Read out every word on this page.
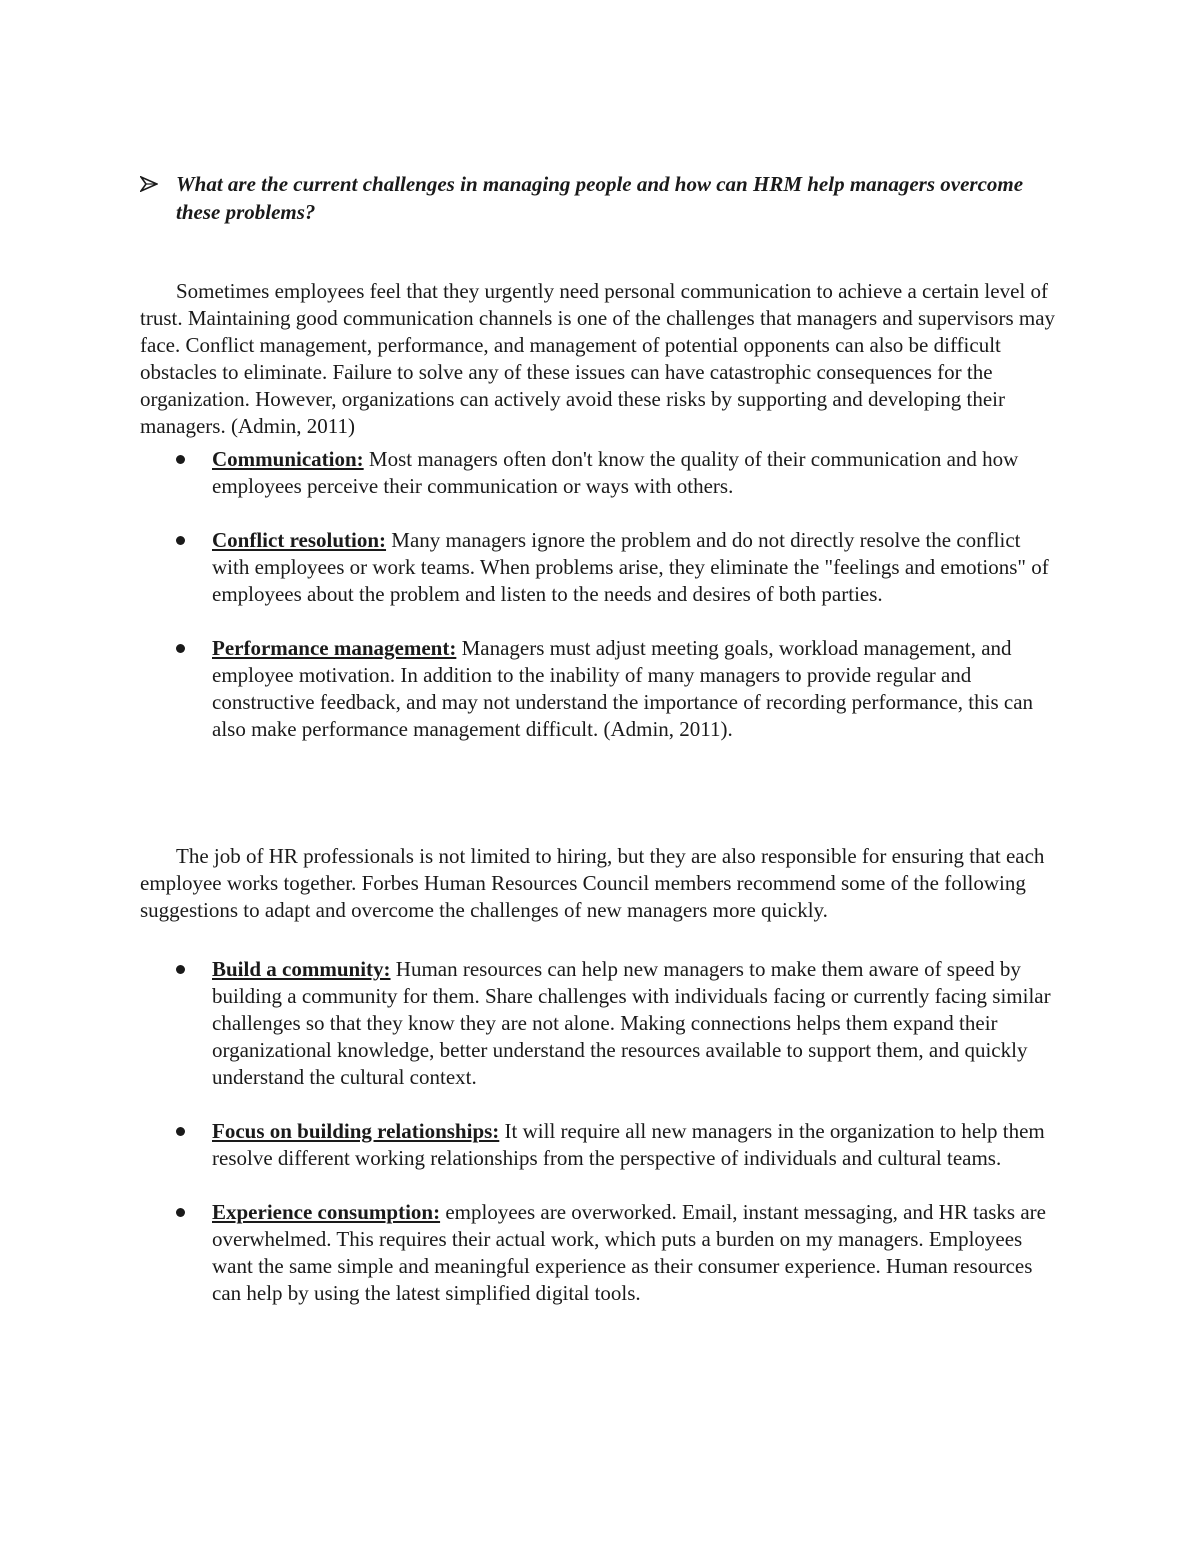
What are the current challenges in managing people and how can HRM help managers overcome these problems?

Sometimes employees feel that they urgently need personal communication to achieve a certain level of trust. Maintaining good communication channels is one of the challenges that managers and supervisors may face. Conflict management, performance, and management of potential opponents can also be difficult obstacles to eliminate. Failure to solve any of these issues can have catastrophic consequences for the organization. However, organizations can actively avoid these risks by supporting and developing their managers. (Admin, 2011)

Communication: Most managers often don't know the quality of their communication and how employees perceive their communication or ways with others.
Conflict resolution: Many managers ignore the problem and do not directly resolve the conflict with employees or work teams. When problems arise, they eliminate the "feelings and emotions" of employees about the problem and listen to the needs and desires of both parties.
Performance management: Managers must adjust meeting goals, workload management, and employee motivation. In addition to the inability of many managers to provide regular and constructive feedback, and may not understand the importance of recording performance, this can also make performance management difficult. (Admin, 2011).

The job of HR professionals is not limited to hiring, but they are also responsible for ensuring that each employee works together. Forbes Human Resources Council members recommend some of the following suggestions to adapt and overcome the challenges of new managers more quickly.

Build a community: Human resources can help new managers to make them aware of speed by building a community for them. Share challenges with individuals facing or currently facing similar challenges so that they know they are not alone. Making connections helps them expand their organizational knowledge, better understand the resources available to support them, and quickly understand the cultural context.
Focus on building relationships: It will require all new managers in the organization to help them resolve different working relationships from the perspective of individuals and cultural teams.
Experience consumption: employees are overworked. Email, instant messaging, and HR tasks are overwhelmed. This requires their actual work, which puts a burden on my managers. Employees want the same simple and meaningful experience as their consumer experience. Human resources can help by using the latest simplified digital tools.
